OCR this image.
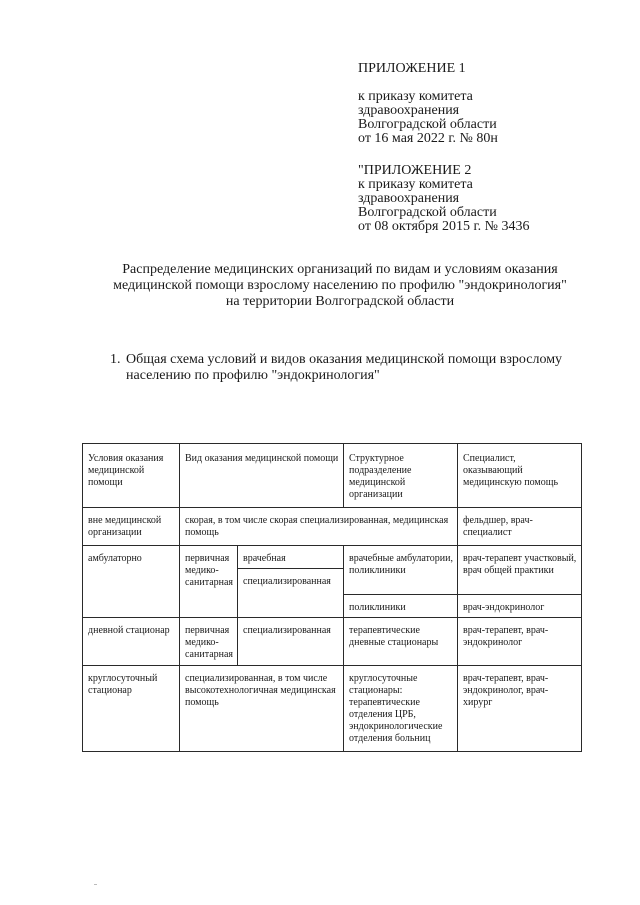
ПРИЛОЖЕНИЕ 1
к приказу комитета
здравоохранения
Волгоградской области
от 16 мая 2022 г. № 80н
"ПРИЛОЖЕНИЕ 2
к приказу комитета
здравоохранения
Волгоградской области
от 08 октября 2015 г. № 3436
Распределение медицинских организаций по видам и условиям оказания
медицинской помощи взрослому населению по профилю "эндокринология"
на территории Волгоградской области
1. Общая схема условий и видов оказания медицинской помощи взрослому
населению по профилю "эндокринология"
Условия оказания медицинской помощи	Вид оказания медицинской помощи		Структурное подразделение медицинской организации	Специалист, оказывающий медицинскую помощь
вне медицинской организации	скорая, в том числе скорая специализированная, медицинская помощь			фельдшер, врач-специалист
амбулаторно	первичная медико-санитарная	врачебная	врачебные амбулатории, поликлиники	врач-терапевт участковый, врач общей практики
		специализированная		
			поликлиники	врач-эндокринолог
дневной стационар	первичная медико-санитарная	специализированная	терапевтические дневные стационары	врач-терапевт, врач-эндокринолог
круглосуточный стационар	специализированная, в том числе высокотехнологичная медицинская помощь		круглосуточные стационары: терапевтические отделения ЦРБ, эндокринологические отделения больниц	врач-терапевт, врач-эндокринолог, врач-хирург
